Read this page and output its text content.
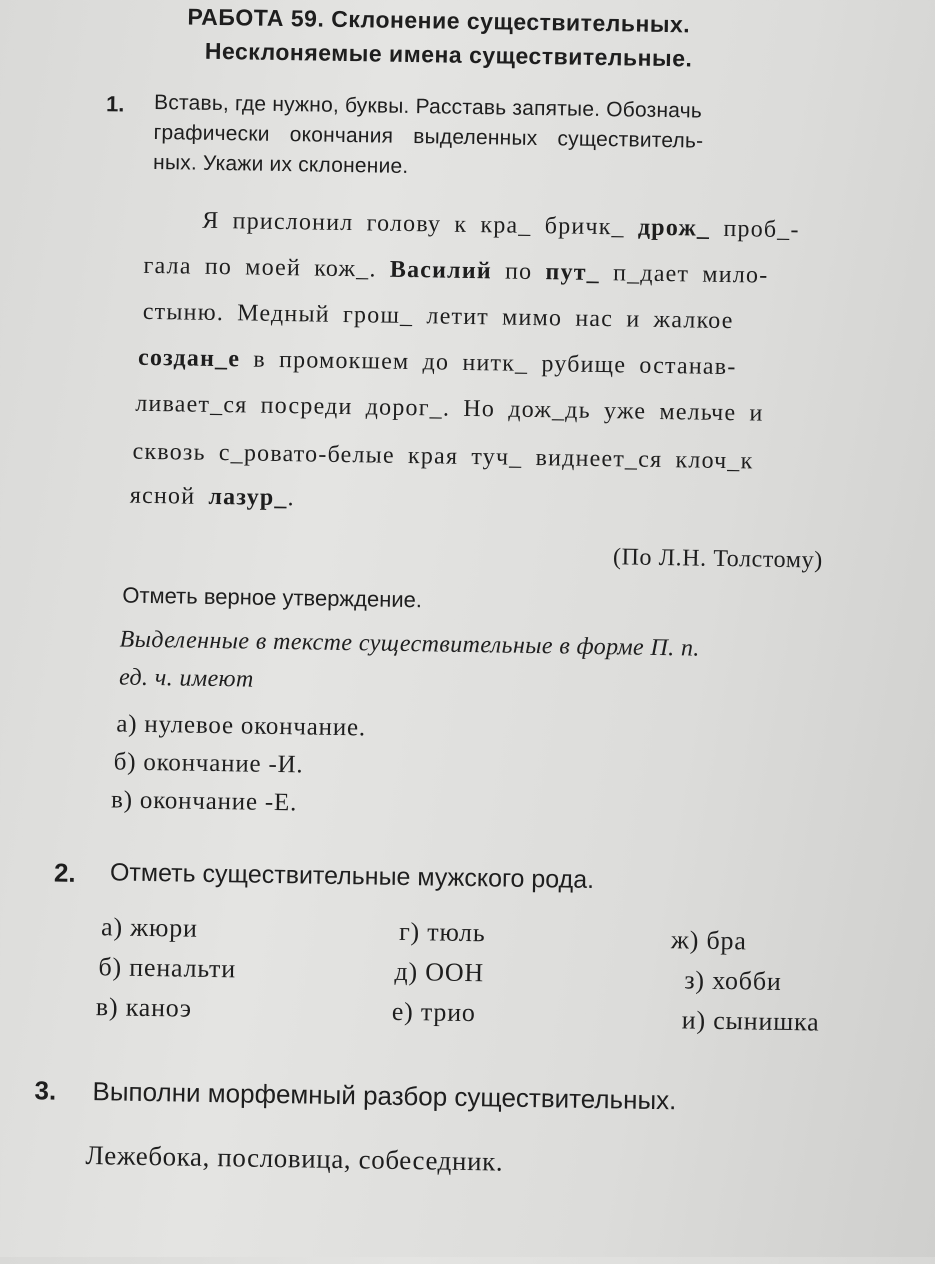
РАБОТА 59. Склонение существительных.
Несклоняемые имена существительные.
1. Вставь, где нужно, буквы. Расставь запятые. Обозначь
графически окончания выделенных существитель-
ных. Укажи их склонение.
Я прислонил голову к кра_ бричк_ дрож_ проб_-
гала по моей кож_. Василий по пут_ п_дает мило-
стыню. Медный грош_ летит мимо нас и жалкое
создан_е в промокшем до нитк_ рубище останав-
ливает_ся посреди дорог_. Но дож_дь уже мельче и
сквозь с_ровато-белые края туч_ виднеет_ся клоч_к
ясной лазур_.
(По Л.Н. Толстому)
Отметь верное утверждение.
Выделенные в тексте существительные в форме П. п.
ед. ч. имеют
а) нулевое окончание.
б) окончание -И.
в) окончание -Е.
2. Отметь существительные мужского рода.
а) жюри	г) тюль	ж) бра
б) пенальти	д) ООН	з) хобби
в) каноэ	е) трио	и) сынишка
3. Выполни морфемный разбор существительных.
Лежебока, пословица, собеседник.
